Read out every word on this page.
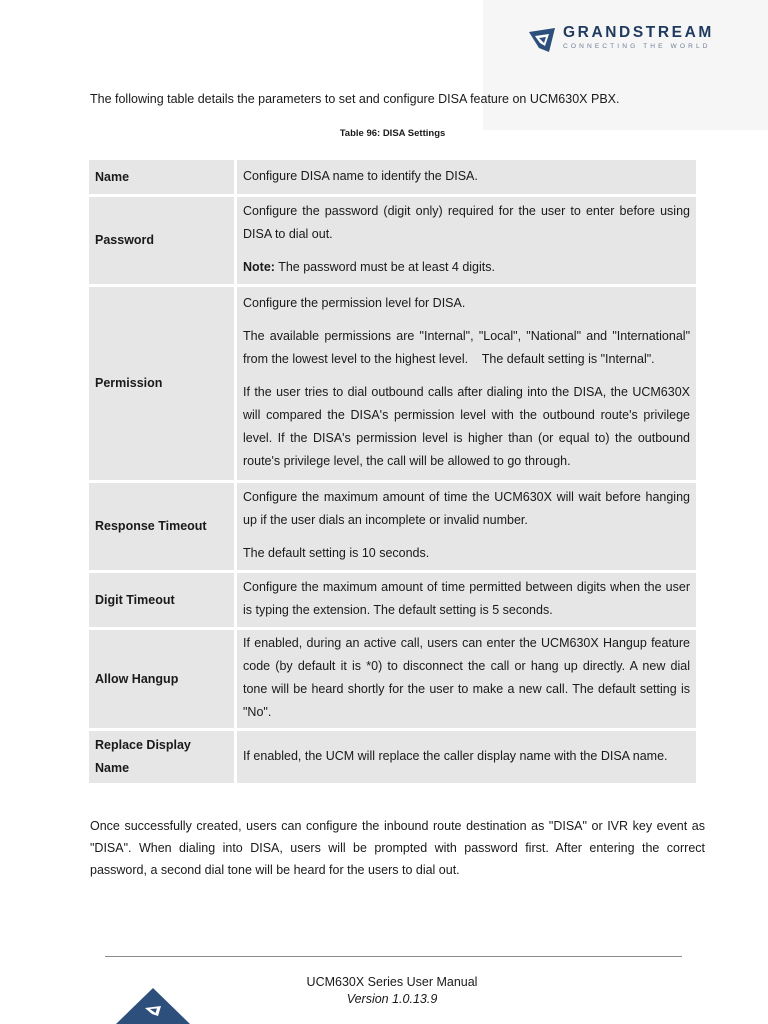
GRANDSTREAM
CONNECTING THE WORLD
The following table details the parameters to set and configure DISA feature on UCM630X PBX.
Table 96: DISA Settings
Name	Configure DISA name to identify the DISA.

Password	Configure the password (digit only) required for the user to enter before using DISA to dial out.

Note: The password must be at least 4 digits.

Permission	Configure the permission level for DISA.

The available permissions are "Internal", "Local", "National" and "International" from the lowest level to the highest level.    The default setting is "Internal".

If the user tries to dial outbound calls after dialing into the DISA, the UCM630X will compared the DISA's permission level with the outbound route's privilege level. If the DISA's permission level is higher than (or equal to) the outbound route's privilege level, the call will be allowed to go through.

Response Timeout	Configure the maximum amount of time the UCM630X will wait before hanging up if the user dials an incomplete or invalid number.

The default setting is 10 seconds.

Digit Timeout	Configure the maximum amount of time permitted between digits when the user is typing the extension. The default setting is 5 seconds.

Allow Hangup	If enabled, during an active call, users can enter the UCM630X Hangup feature code (by default it is *0) to disconnect the call or hang up directly. A new dial tone will be heard shortly for the user to make a new call. The default setting is "No".

Replace Display Name	If enabled, the UCM will replace the caller display name with the DISA name.

Once successfully created, users can configure the inbound route destination as "DISA" or IVR key event as "DISA". When dialing into DISA, users will be prompted with password first. After entering the correct password, a second dial tone will be heard for the users to dial out.
UCM630X Series User Manual
Version 1.0.13.9
